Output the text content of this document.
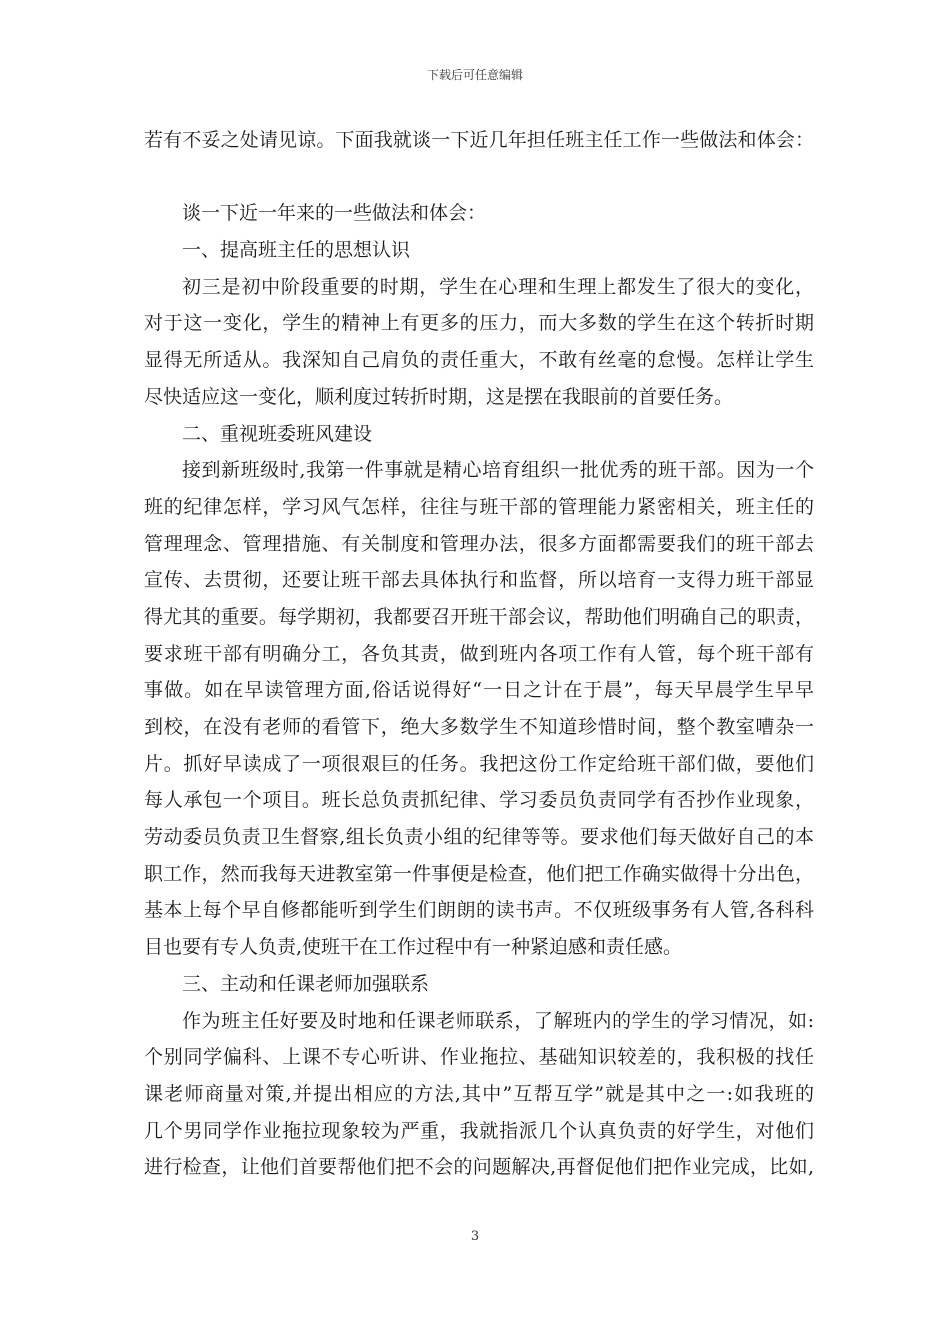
下载后可任意编辑
若有不妥之处请见谅。下面我就谈一下近几年担任班主任工作一些做法和体会：
谈一下近一年来的一些做法和体会：
一、提高班主任的思想认识
初三是初中阶段重要的时期，学生在心理和生理上都发生了很大的变化，
对于这一变化，学生的精神上有更多的压力，而大多数的学生在这个转折时期
显得无所适从。我深知自己肩负的责任重大，不敢有丝毫的怠慢。怎样让学生
尽快适应这一变化，顺利度过转折时期，这是摆在我眼前的首要任务。
二、重视班委班风建设
接到新班级时,我第一件事就是精心培育组织一批优秀的班干部。因为一个
班的纪律怎样，学习风气怎样，往往与班干部的管理能力紧密相关，班主任的
管理理念、管理措施、有关制度和管理办法，很多方面都需要我们的班干部去
宣传、去贯彻，还要让班干部去具体执行和监督，所以培育一支得力班干部显
得尤其的重要。每学期初，我都要召开班干部会议，帮助他们明确自己的职责，
要求班干部有明确分工，各负其责，做到班内各项工作有人管，每个班干部有
事做。如在早读管理方面,俗话说得好“一日之计在于晨”，每天早晨学生早早
到校，在没有老师的看管下，绝大多数学生不知道珍惜时间，整个教室嘈杂一
片。抓好早读成了一项很艰巨的任务。我把这份工作定给班干部们做，要他们
每人承包一个项目。班长总负责抓纪律、学习委员负责同学有否抄作业现象，
劳动委员负责卫生督察,组长负责小组的纪律等等。要求他们每天做好自己的本
职工作，然而我每天进教室第一件事便是检查，他们把工作确实做得十分出色，
基本上每个早自修都能听到学生们朗朗的读书声。不仅班级事务有人管,各科科
目也要有专人负责,使班干在工作过程中有一种紧迫感和责任感。
三、主动和任课老师加强联系
作为班主任好要及时地和任课老师联系，了解班内的学生的学习情况，如:
个别同学偏科、上课不专心听讲、作业拖拉、基础知识较差的，我积极的找任
课老师商量对策,并提出相应的方法,其中”互帮互学”就是其中之一:如我班的
几个男同学作业拖拉现象较为严重，我就指派几个认真负责的好学生，对他们
进行检查，让他们首要帮他们把不会的问题解决,再督促他们把作业完成，比如,
3
